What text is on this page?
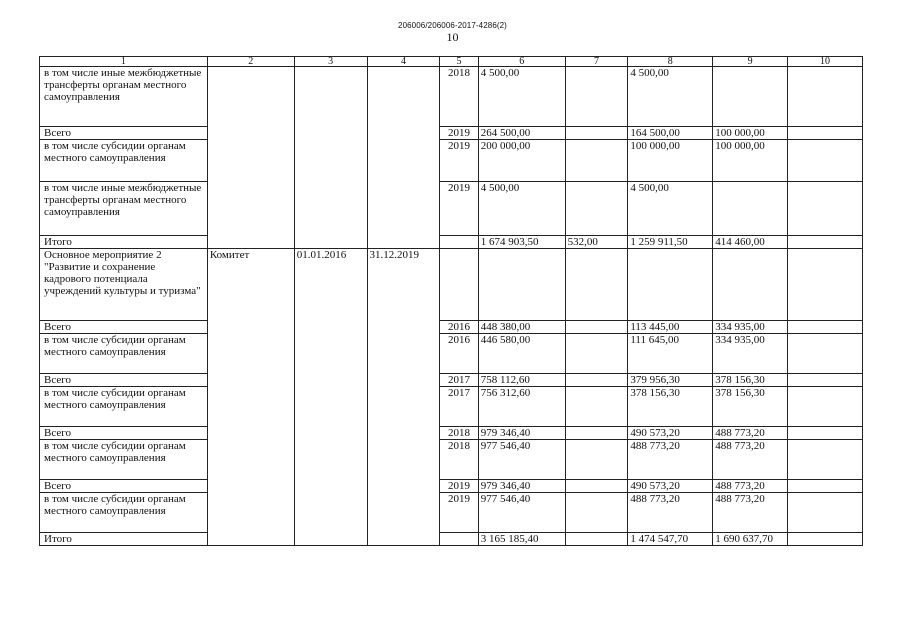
206006/206006-2017-4286(2)
10
1	2	3	4	5	6	7	8	9	10
в том числе иные межбюджетные трансферты органам местного самоуправления				2018	4 500,00		4 500,00		
Всего				2019	264 500,00		164 500,00	100 000,00	
в том числе субсидии органам местного самоуправления				2019	200 000,00		100 000,00	100 000,00	
в том числе иные межбюджетные трансферты органам местного самоуправления				2019	4 500,00		4 500,00		
Итого					1 674 903,50	532,00	1 259 911,50	414 460,00	
Основное мероприятие 2 "Развитие и сохранение кадрового потенциала учреждений культуры и туризма"	Комитет	01.01.2016	31.12.2019						
Всего				2016	448 380,00		113 445,00	334 935,00	
в том числе субсидии органам местного самоуправления				2016	446 580,00		111 645,00	334 935,00	
Всего				2017	758 112,60		379 956,30	378 156,30	
в том числе субсидии органам местного самоуправления				2017	756 312,60		378 156,30	378 156,30	
Всего				2018	979 346,40		490 573,20	488 773,20	
в том числе субсидии органам местного самоуправления				2018	977 546,40		488 773,20	488 773,20	
Всего				2019	979 346,40		490 573,20	488 773,20	
в том числе субсидии органам местного самоуправления				2019	977 546,40		488 773,20	488 773,20	
Итого					3 165 185,40		1 474 547,70	1 690 637,70	
